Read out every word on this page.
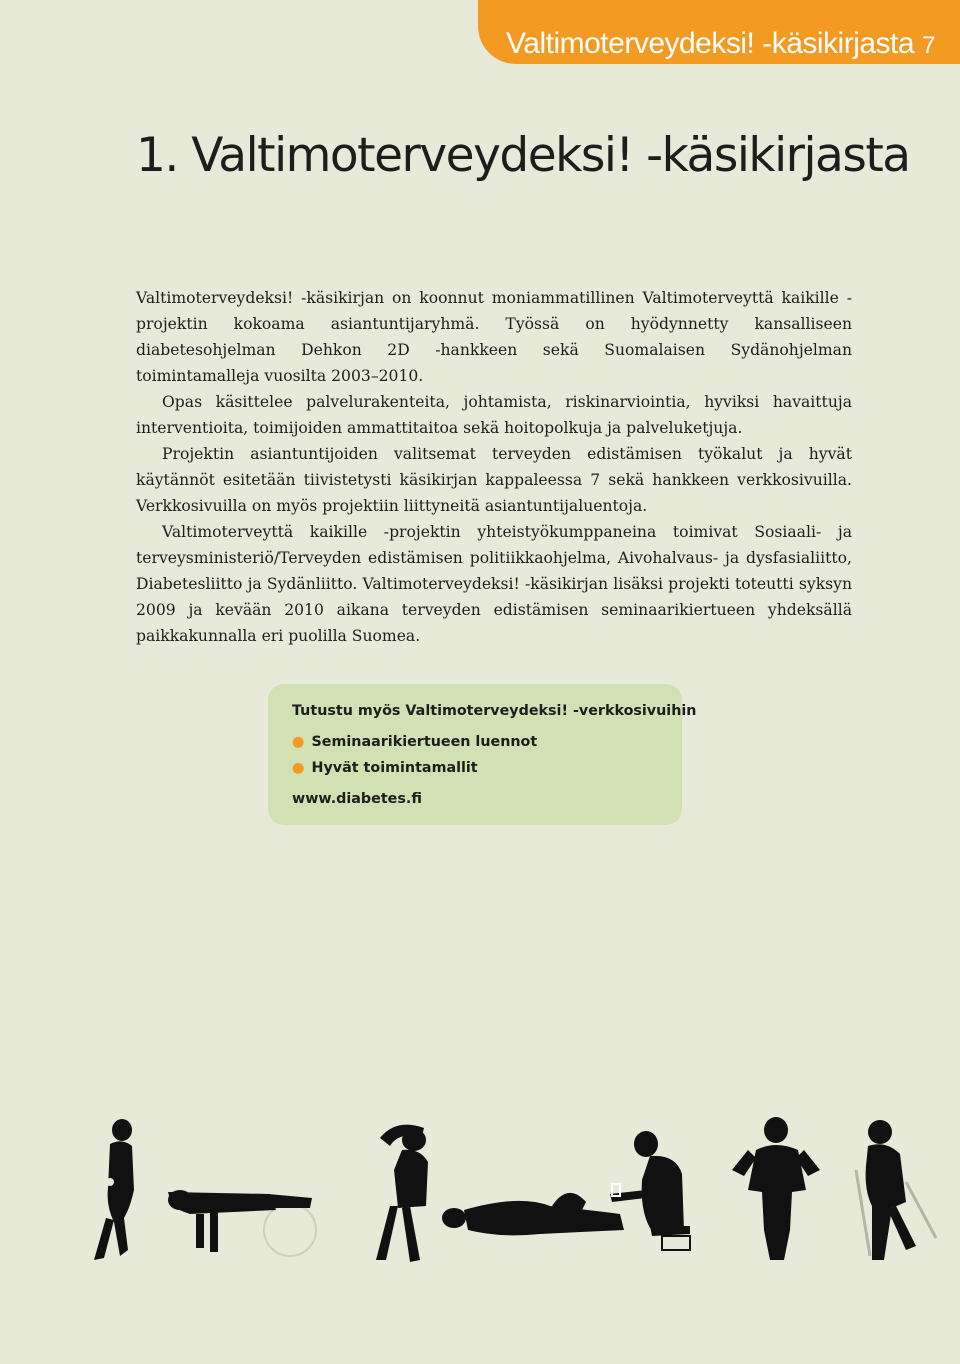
Valtimoterveydeksi! -käsikirjasta 7
1. Valtimoterveydeksi! -käsikirjasta

Valtimoterveydeksi! -käsikirjan on koonnut moniammatillinen Valtimoterveyttä kaikille -projektin kokoama asiantuntijaryhmä. Työssä on hyödynnetty kansalliseen diabetesohjelman Dehkon 2D -hankkeen sekä Suomalaisen Sydänohjelman toimintamalleja vuosilta 2003–2010.

Opas käsittelee palvelurakenteita, johtamista, riskinarviointia, hyviksi havaittuja interventioita, toimijoiden ammattitaitoa sekä hoitopolkuja ja palveluketjuja.

Projektin asiantuntijoiden valitsemat terveyden edistämisen työkalut ja hyvät käytännöt esitetään tiivistetysti käsikirjan kappaleessa 7 sekä hankkeen verkkosivuilla. Verkkosivuilla on myös projektiin liittyneitä asiantuntijaluentoja.

Valtimoterveyttä kaikille -projektin yhteistyökumppaneina toimivat Sosiaali- ja terveysministeriö/Terveyden edistämisen politiikkaohjelma, Aivohalvaus- ja dysfasialiitto, Diabetesliitto ja Sydänliitto. Valtimoterveydeksi! -käsikirjan lisäksi projekti toteutti syksyn 2009 ja kevään 2010 aikana terveyden edistämisen seminaarikiertueen yhdeksällä paikkakunnalla eri puolilla Suomea.

Tutustu myös Valtimoterveydeksi! -verkkosivuihin
● Seminaarikiertueen luennot
● Hyvät toimintamallit
www.diabetes.fi
